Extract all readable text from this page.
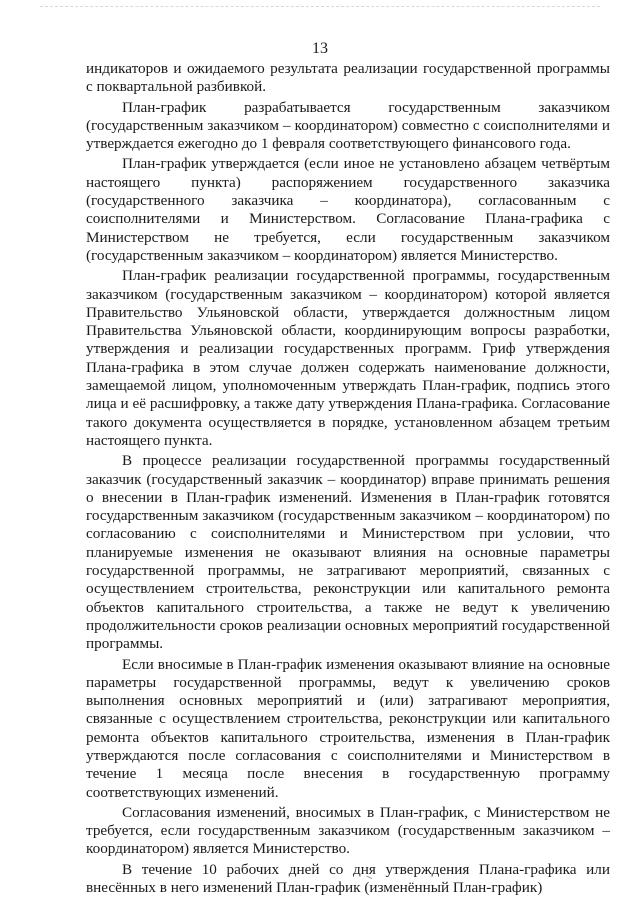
13

индикаторов и ожидаемого результата реализации государственной программы с поквартальной разбивкой.

План-график разрабатывается государственным заказчиком (государственным заказчиком – координатором) совместно с соисполнителями и утверждается ежегодно до 1 февраля соответствующего финансового года.

План-график утверждается (если иное не установлено абзацем четвёртым настоящего пункта) распоряжением государственного заказчика (государственного заказчика – координатора), согласованным с соисполнителями и Министерством. Согласование Плана-графика с Министерством не требуется, если государственным заказчиком (государственным заказчиком – координатором) является Министерство.

План-график реализации государственной программы, государственным заказчиком (государственным заказчиком – координатором) которой является Правительство Ульяновской области, утверждается должностным лицом Правительства Ульяновской области, координирующим вопросы разработки, утверждения и реализации государственных программ. Гриф утверждения Плана-графика в этом случае должен содержать наименование должности, замещаемой лицом, уполномоченным утверждать План-график, подпись этого лица и её расшифровку, а также дату утверждения Плана-графика. Согласование такого документа осуществляется в порядке, установленном абзацем третьим настоящего пункта.

В процессе реализации государственной программы государственный заказчик (государственный заказчик – координатор) вправе принимать решения о внесении в План-график изменений. Изменения в План-график готовятся государственным заказчиком (государственным заказчиком – координатором) по согласованию с соисполнителями и Министерством при условии, что планируемые изменения не оказывают влияния на основные параметры государственной программы, не затрагивают мероприятий, связанных с осуществлением строительства, реконструкции или капитального ремонта объектов капитального строительства, а также не ведут к увеличению продолжительности сроков реализации основных мероприятий государственной программы.

Если вносимые в План-график изменения оказывают влияние на основные параметры государственной программы, ведут к увеличению сроков выполнения основных мероприятий и (или) затрагивают мероприятия, связанные с осуществлением строительства, реконструкции или капитального ремонта объектов капитального строительства, изменения в План-график утверждаются после согласования с соисполнителями и Министерством в течение 1 месяца после внесения в государственную программу соответствующих изменений.

Согласования изменений, вносимых в План-график, с Министерством не требуется, если государственным заказчиком (государственным заказчиком – координатором) является Министерство.

В течение 10 рабочих дней со дня утверждения Плана-графика или внесённых в него изменений План-график (изменённый План-график)
